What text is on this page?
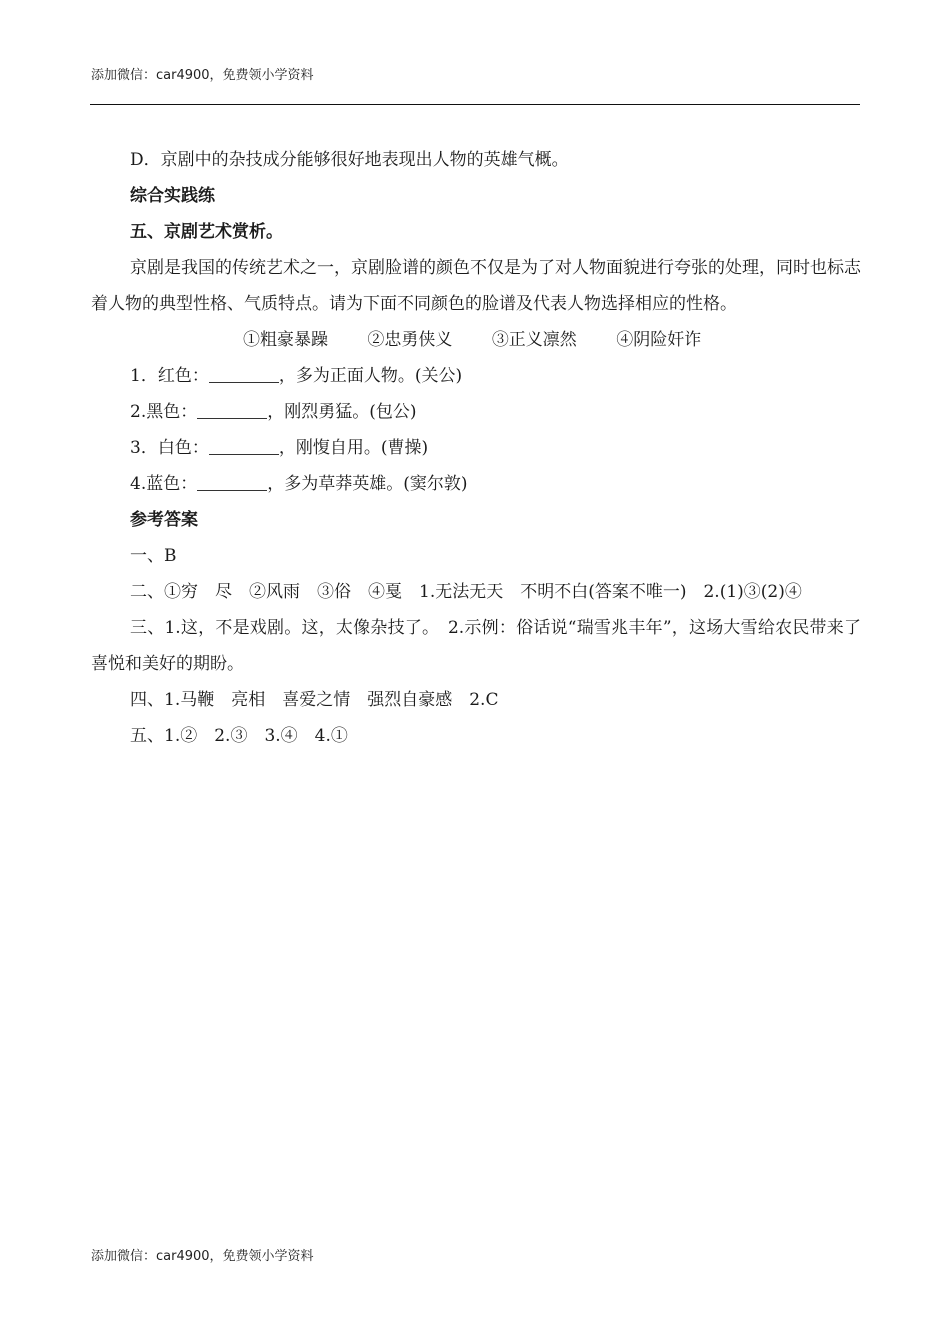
添加微信：car4900，免费领小学资料
D．京剧中的杂技成分能够很好地表现出人物的英雄气概。
综合实践练
五、京剧艺术赏析。
京剧是我国的传统艺术之一，京剧脸谱的颜色不仅是为了对人物面貌进行夸张的处理，同时也标志着人物的典型性格、气质特点。请为下面不同颜色的脸谱及代表人物选择相应的性格。
①粗豪暴躁 ②忠勇侠义 ③正义凛然 ④阴险奸诈
1．红色：	，多为正面人物。(关公)
2.黑色：	，刚烈勇猛。(包公)
3．白色：	，刚愎自用。(曹操)
4.蓝色：	，多为草莽英雄。(窦尔敦)
参考答案
一、B
二、①穷　尽　②风雨　③俗　④戛　1.无法无天　不明不白(答案不唯一)　2.(1)③(2)④
三、1.这，不是戏剧。这，太像杂技了。　2.示例：俗话说“瑞雪兆丰年”，这场大雪给农民带来了喜悦和美好的期盼。
四、1.马鞭　亮相　喜爱之情　强烈自豪感　2.C
五、1.②　2.③　3.④　4.①
添加微信：car4900，免费领小学资料
